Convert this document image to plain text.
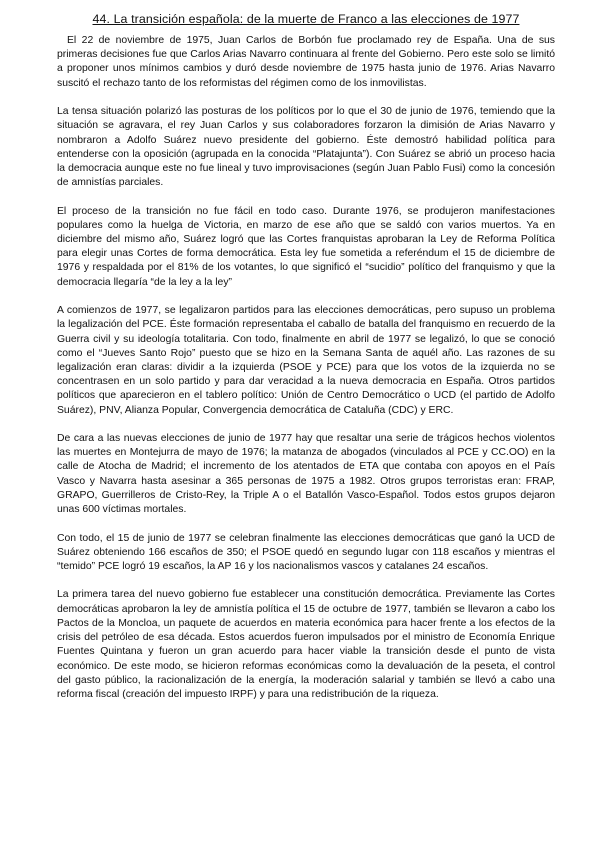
44. La transición española: de la muerte de Franco a las elecciones de 1977

El 22 de noviembre de 1975, Juan Carlos de Borbón fue proclamado rey de España. Una de sus primeras decisiones fue que Carlos Arias Navarro continuara al frente del Gobierno. Pero este solo se limitó a proponer unos mínimos cambios y duró desde noviembre de 1975 hasta junio de 1976. Arias Navarro suscitó el rechazo tanto de los reformistas del régimen como de los inmovilistas.

La tensa situación polarizó las posturas de los políticos por lo que el 30 de junio de 1976, temiendo que la situación se agravara, el rey Juan Carlos y sus colaboradores forzaron la dimisión de Arias Navarro y nombraron a Adolfo Suárez nuevo presidente del gobierno. Éste demostró habilidad política para entenderse con la oposición (agrupada en la conocida “Platajunta”). Con Suárez se abrió un proceso hacia la democracia aunque este no fue lineal y tuvo improvisaciones (según Juan Pablo Fusi) como la concesión de amnistías parciales.

El proceso de la transición no fue fácil en todo caso. Durante 1976, se produjeron manifestaciones populares como la huelga de Victoria, en marzo de ese año que se saldó con varios muertos. Ya en diciembre del mismo año, Suárez logró que las Cortes franquistas aprobaran la Ley de Reforma Política para elegir unas Cortes de forma democrática. Esta ley fue sometida a referéndum el 15 de diciembre de 1976 y respaldada por el 81% de los votantes, lo que significó el “sucidio” político del franquismo y que la democracia llegaría “de la ley a la ley”

A comienzos de 1977, se legalizaron partidos para las elecciones democráticas, pero supuso un problema la legalización del PCE. Éste formación representaba el caballo de batalla del franquismo en recuerdo de la Guerra civil y su ideología totalitaria. Con todo, finalmente en abril de 1977 se legalizó, lo que se conoció como el “Jueves Santo Rojo” puesto que se hizo en la Semana Santa de aquél año. Las razones de su legalización eran claras: dividir a la izquierda (PSOE y PCE) para que los votos de la izquierda no se concentrasen en un solo partido y para dar veracidad a la nueva democracia en España. Otros partidos políticos que aparecieron en el tablero político: Unión de Centro Democrático o UCD (el partido de Adolfo Suárez), PNV, Alianza Popular, Convergencia democrática de Cataluña (CDC) y ERC.

De cara a las nuevas elecciones de junio de 1977 hay que resaltar una serie de trágicos hechos violentos las muertes en Montejurra de mayo de 1976; la matanza de abogados (vinculados al PCE y CC.OO) en la calle de Atocha de Madrid; el incremento de los atentados de ETA que contaba con apoyos en el País Vasco y Navarra hasta asesinar a 365 personas de 1975 a 1982. Otros grupos terroristas eran: FRAP, GRAPO, Guerrilleros de Cristo-Rey, la Triple A o el Batallón Vasco-Español. Todos estos grupos dejaron unas 600 víctimas mortales.

Con todo, el 15 de junio de 1977 se celebran finalmente las elecciones democráticas que ganó la UCD de Suárez obteniendo 166 escaños de 350; el PSOE quedó en segundo lugar con 118 escaños y mientras el “temido” PCE logró 19 escaños, la AP 16 y los nacionalismos vascos y catalanes 24 escaños.

La primera tarea del nuevo gobierno fue establecer una constitución democrática. Previamente las Cortes democráticas aprobaron la ley de amnistía política el 15 de octubre de 1977, también se llevaron a cabo los Pactos de la Moncloa, un paquete de acuerdos en materia económica para hacer frente a los efectos de la crisis del petróleo de esa década. Estos acuerdos fueron impulsados por el ministro de Economía Enrique Fuentes Quintana y fueron un gran acuerdo para hacer viable la transición desde el punto de vista económico. De este modo, se hicieron reformas económicas como la devaluación de la peseta, el control del gasto público, la racionalización de la energía, la moderación salarial y también se llevó a cabo una reforma fiscal (creación del impuesto IRPF) y para una redistribución de la riqueza.
